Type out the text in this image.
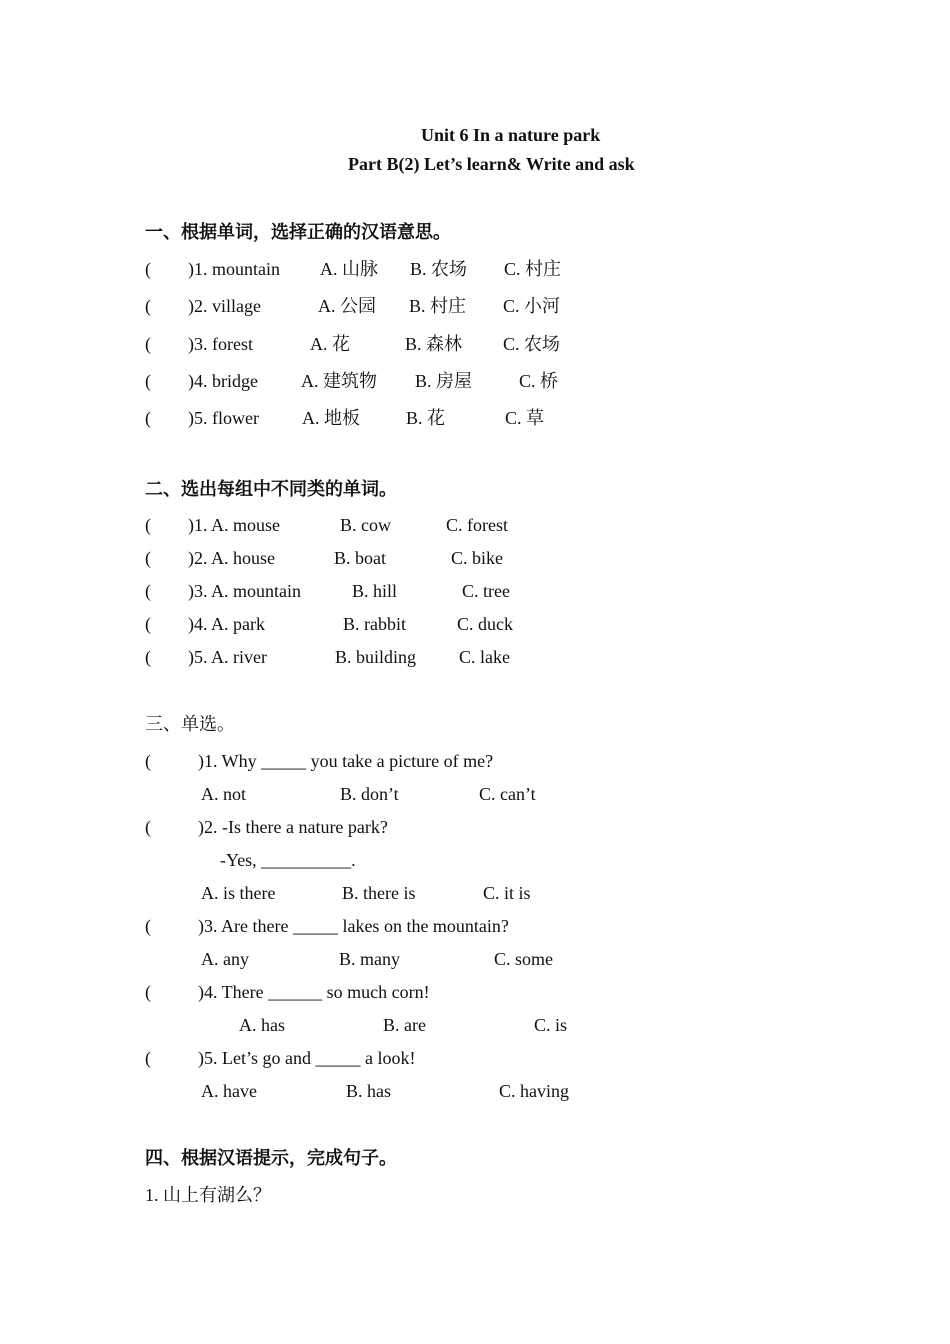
Unit 6 In a nature park
Part B(2) Let’s learn& Write and ask
一、根据单词，选择正确的汉语意思。
( )1. mountain A. 山脉 B. 农场 C. 村庄
( )2. village	A. 公园 B. 村庄 C. 小河
( )3. forest	A. 花	B. 森林 C. 农场
( )4. bridge A. 建筑物 B. 房屋	C. 桥
( )5. flower A. 地板	B. 花	C. 草
二、选出每组中不同类的单词。
( )1. A. mouse	B. cow	C. forest
( )2. A. house	B. boat	C. bike
( )3. A. mountain	B. hill	C. tree
( )4. A. park	B. rabbit	C. duck
( )5. A. river	B. building C. lake
三、单选。
(	)1. Why _____ you take a picture of me?
A. not	B. don’t	C. can’t
(	)2. -Is there a nature park?
-Yes, __________.
A. is there	B. there is	C. it is
(	)3. Are there _____ lakes on the mountain?
A. any	B. many	C. some
(	)4. There ______ so much corn!
A. has	B. are	C. is
(	)5. Let’s go and _____ a look!
A. have	B. has	C. having
四、根据汉语提示，完成句子。
1. 山上有湖么？
